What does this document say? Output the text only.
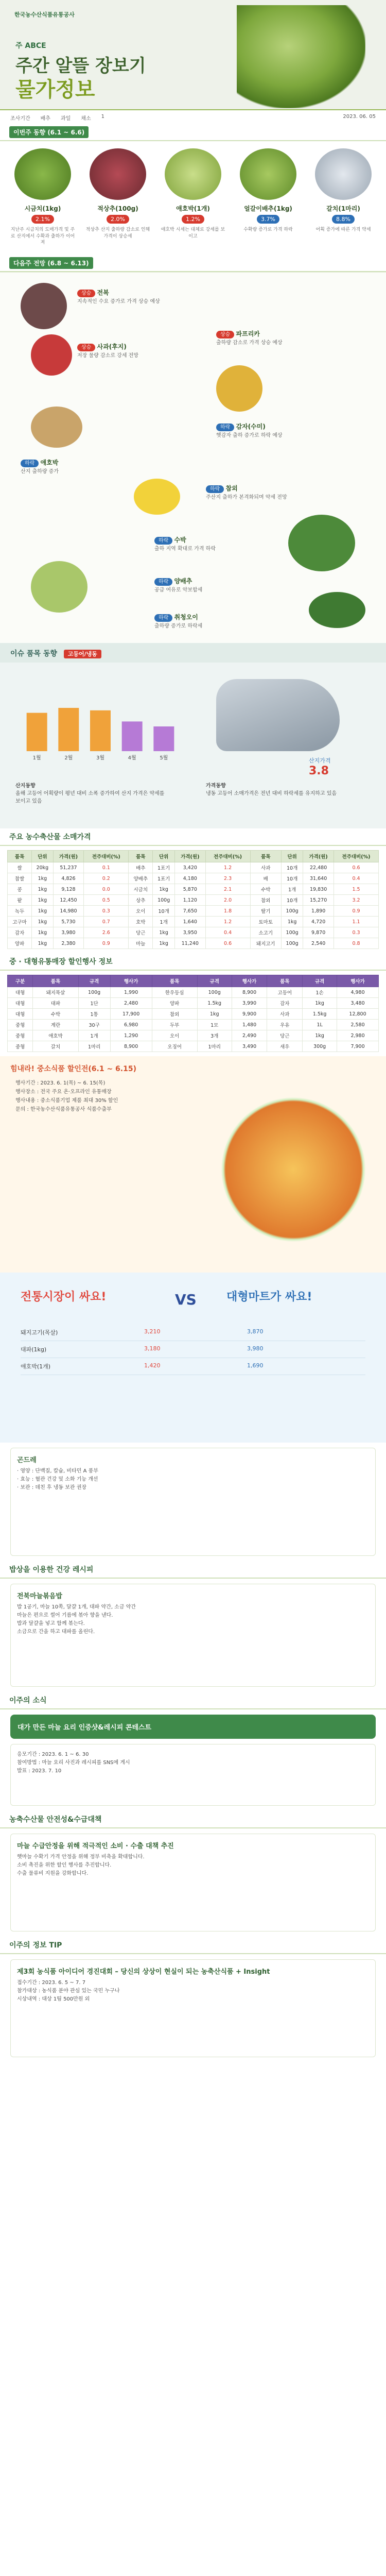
한국농수산식품유통공사
주 ABCE
주간 알뜰 장보기
물가정보
조사기간 배추 과일 채소 1	2023. 06. 05
이번주 동향 (6.1 ~ 6.6)
시금치(1kg)
2.1%
지난주 시금치의 도매가격 및 주로 산지에서 수확과 출하가 이어져
적상추(100g)
2.0%
적상추 산지 출하량 감소로 인해 가격이 상승세
애호박(1개)
1.2%
애호박 시세는 대체로 강세를 보이고
얼갈이배추(1kg)
3.7%
수확량 증가로 가격 하락
갈치(1마리)
8.8%
어획 증가에 따른 가격 약세
다음주 전망 (6.8 ~ 6.13)
상승 전복
지속적인 수요 증가로 가격 상승 예상
상승 사과(후지)
저장 물량 감소로 강세 전망
상승 파프리카
출하량 감소로 가격 상승 예상
하락 감자(수미)
햇감자 출하 증가로 하락 예상
하락 애호박
산지 출하량 증가
하락 참외
주산지 출하가 본격화되며 약세 전망
하락 수박
출하 지역 확대로 가격 하락
하락 양배추
공급 여유로 약보합세
하락 취청오이
출하량 증가로 하락세
이슈 품목 동향 고등어/냉동
1월	2월	3월	4월	5월	산지가격
3.8
산지동향
올해 고등어 어획량이 평년 대비 소폭 증가하여 산지 가격은 약세를 보이고 있음
가격동향
냉동 고등어 소매가격은 전년 대비 하락세를 유지하고 있음
주요 농수축산물 소매가격
품목	단위	가격(원)	전주대비(%)	품목	단위	가격(원)	전주대비(%)	품목	단위	가격(원)	전주대비(%)
쌀	20kg	51,237	0.1	배추	1포기	3,420	1.2	사과	10개	22,480	0.6
찹쌀	1kg	4,826	0.2	양배추	1포기	4,180	2.3	배	10개	31,640	0.4
콩	1kg	9,128	0.0	시금치	1kg	5,870	2.1	수박	1개	19,830	1.5
팥	1kg	12,450	0.5	상추	100g	1,120	2.0	참외	10개	15,270	3.2
녹두	1kg	14,980	0.3	오이	10개	7,650	1.8	딸기	100g	1,890	0.9
고구마	1kg	5,730	0.7	호박	1개	1,640	1.2	토마토	1kg	4,720	1.1
감자	1kg	3,980	2.6	당근	1kg	3,950	0.4	소고기	100g	9,870	0.3
양파	1kg	2,380	0.9	마늘	1kg	11,240	0.6	돼지고기	100g	2,540	0.8
중 · 대형유통매장 할인행사 정보
구분	품목	규격	행사가	품목	규격	행사가	품목	규격	행사가
대형	돼지목살	100g	1,990	한우등심	100g	8,900	고등어	1손	4,980
대형	대파	1단	2,480	양파	1.5kg	3,990	감자	1kg	3,480
대형	수박	1통	17,900	참외	1kg	9,900	사과	1.5kg	12,800
중형	계란	30구	6,980	두부	1모	1,480	우유	1L	2,580
중형	애호박	1개	1,290	오이	3개	2,490	당근	1kg	2,980
중형	갈치	1마리	8,900	오징어	1마리	3,490	새우	300g	7,900
힘내라! 중소식품 할인전(6.1 ~ 6.15)
행사기간 : 2023. 6. 1(목) ~ 6. 15(목)
행사장소 : 전국 주요 온·오프라인 유통매장
행사내용 : 중소식품기업 제품 최대 30% 할인
문의 : 한국농수산식품유통공사 식품수출부
전통시장이 싸요!	VS	대형마트가 싸요!
돼지고기(목살)	3,210	3,870
대파(1kg)	3,180	3,980
애호박(1개)	1,420	1,690
곤드레
· 영양 : 단백질, 칼슘, 비타민 A 풍부
· 효능 : 혈관 건강 및 소화 기능 개선
· 보관 : 데친 후 냉동 보관 권장
밥상을 이용한 건강 레시피
전북마늘볶음밥

밥 1공기, 마늘 10쪽, 달걀 1개, 대파 약간, 소금 약간

마늘은 편으로 썰어 기름에 볶아 향을 낸다.
밥과 달걀을 넣고 함께 볶는다.
소금으로 간을 하고 대파를 올린다.
이주의 소식
대가 만든 마늘 요리 인증샷&레시피 콘테스트
응모기간 : 2023. 6. 1 ~ 6. 30
참여방법 : 마늘 요리 사진과 레시피를 SNS에 게시
발표 : 2023. 7. 10
농축수산물 안전성&수급대책
마늘 수급안정을 위해 적극적인 소비 · 수출 대책 추진
햇마늘 수확기 가격 안정을 위해 정부 비축을 확대합니다.
소비 촉진을 위한 할인 행사를 추진합니다.
수출 물류비 지원을 강화합니다.
이주의 정보 TIP
제3회 농식품 아이디어 경진대회 – 당신의 상상이 현실이 되는 농축산식품 + Insight
접수기간 : 2023. 6. 5 ~ 7. 7
참가대상 : 농식품 분야 관심 있는 국민 누구나
시상내역 : 대상 1팀 500만원 외
